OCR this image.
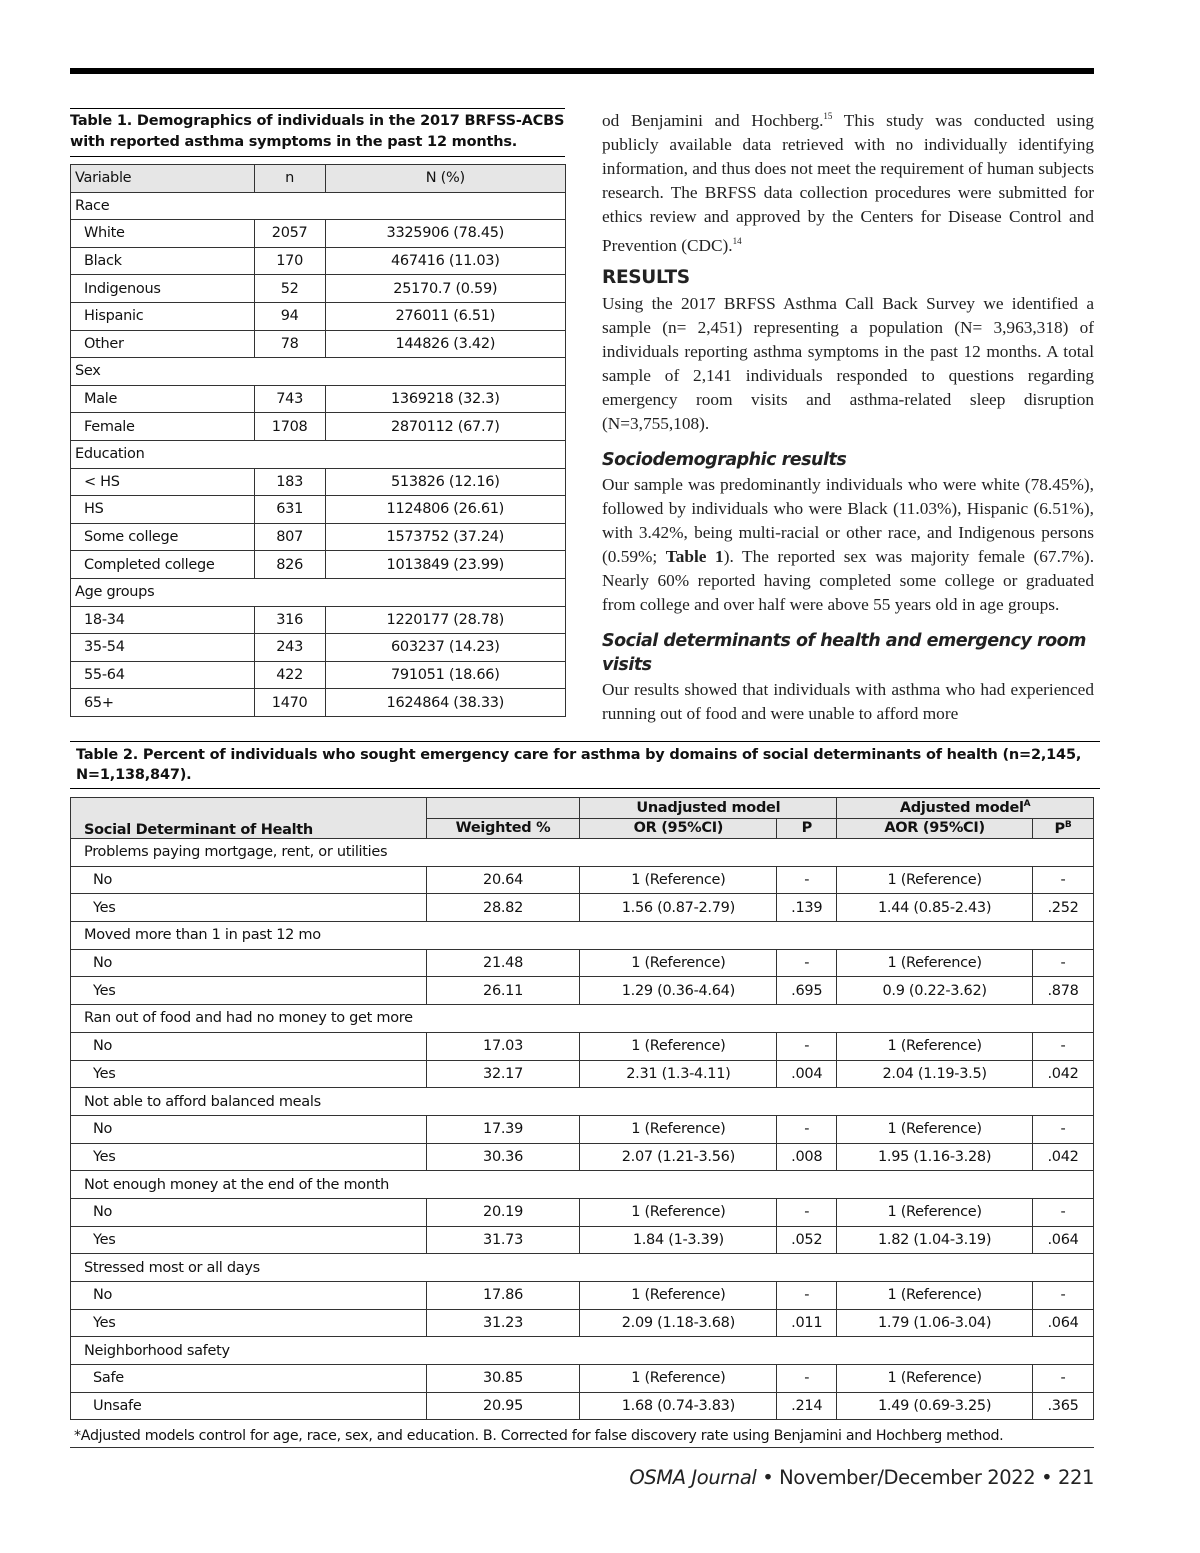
Table 1. Demographics of individuals in the 2017 BRFSS-ACBS with reported asthma symptoms in the past 12 months.
Variable	n	N (%)
Race		
White	2057	3325906 (78.45)
Black	170	467416 (11.03)
Indigenous	52	25170.7 (0.59)
Hispanic	94	276011 (6.51)
Other	78	144826 (3.42)
Sex		
Male	743	1369218 (32.3)
Female	1708	2870112 (67.7)
Education		
< HS	183	513826 (12.16)
HS	631	1124806 (26.61)
Some college	807	1573752 (37.24)
Completed college	826	1013849 (23.99)
Age groups		
18-34	316	1220177 (28.78)
35-54	243	603237 (14.23)
55-64	422	791051 (18.66)
65+	1470	1624864 (38.33)

od Benjamini and Hochberg.$^{15}$ This study was conducted using publicly available data retrieved with no individually identifying information, and thus does not meet the requirement of human subjects research. The BRFSS data collection procedures were submitted for ethics review and approved by the Centers for Disease Control and Prevention (CDC).$^{14}$

RESULTS

Using the 2017 BRFSS Asthma Call Back Survey we identified a sample (n= 2,451) representing a population (N= 3,963,318) of individuals reporting asthma symptoms in the past 12 months. A total sample of 2,141 individuals responded to questions regarding emergency room visits and asthma-related sleep disruption (N=3,755,108).

Sociodemographic results

Our sample was predominantly individuals who were white (78.45%), followed by individuals who were Black (11.03%), Hispanic (6.51%), with 3.42%, being multi-racial or other race, and Indigenous persons (0.59%; Table 1). The reported sex was majority female (67.7%). Nearly 60% reported having completed some college or graduated from college and over half were above 55 years old in age groups.

Social determinants of health and emergency room visits

Our results showed that individuals with asthma who had experienced running out of food and were unable to afford more

Table 2. Percent of individuals who sought emergency care for asthma by domains of social determinants of health (n=2,145, N=1,138,847).
Social Determinant of Health		Unadjusted model		Adjusted model$^A$
	Weighted %	OR (95%CI)	P	AOR (95%CI)	$P^B$
Problems paying mortgage, rent, or utilities					
No	20.64	1 (Reference)	-	1 (Reference)	-
Yes	28.82	1.56 (0.87-2.79)	.139	1.44 (0.85-2.43)	.252
Moved more than 1 in past 12 mo					
No	21.48	1 (Reference)	-	1 (Reference)	-
Yes	26.11	1.29 (0.36-4.64)	.695	0.9 (0.22-3.62)	.878
Ran out of food and had no money to get more					
No	17.03	1 (Reference)	-	1 (Reference)	-
Yes	32.17	2.31 (1.3-4.11)	.004	2.04 (1.19-3.5)	.042
Not able to afford balanced meals					
No	17.39	1 (Reference)	-	1 (Reference)	-
Yes	30.36	2.07 (1.21-3.56)	.008	1.95 (1.16-3.28)	.042
Not enough money at the end of the month					
No	20.19	1 (Reference)	-	1 (Reference)	-
Yes	31.73	1.84 (1-3.39)	.052	1.82 (1.04-3.19)	.064
Stressed most or all days					
No	17.86	1 (Reference)	-	1 (Reference)	-
Yes	31.23	2.09 (1.18-3.68)	.011	1.79 (1.06-3.04)	.064
Neighborhood safety					
Safe	30.85	1 (Reference)	-	1 (Reference)	-
Unsafe	20.95	1.68 (0.74-3.83)	.214	1.49 (0.69-3.25)	.365
*Adjusted models control for age, race, sex, and education. B. Corrected for false discovery rate using Benjamini and Hochberg method.
OSMA Journal • November/December 2022 • 221
